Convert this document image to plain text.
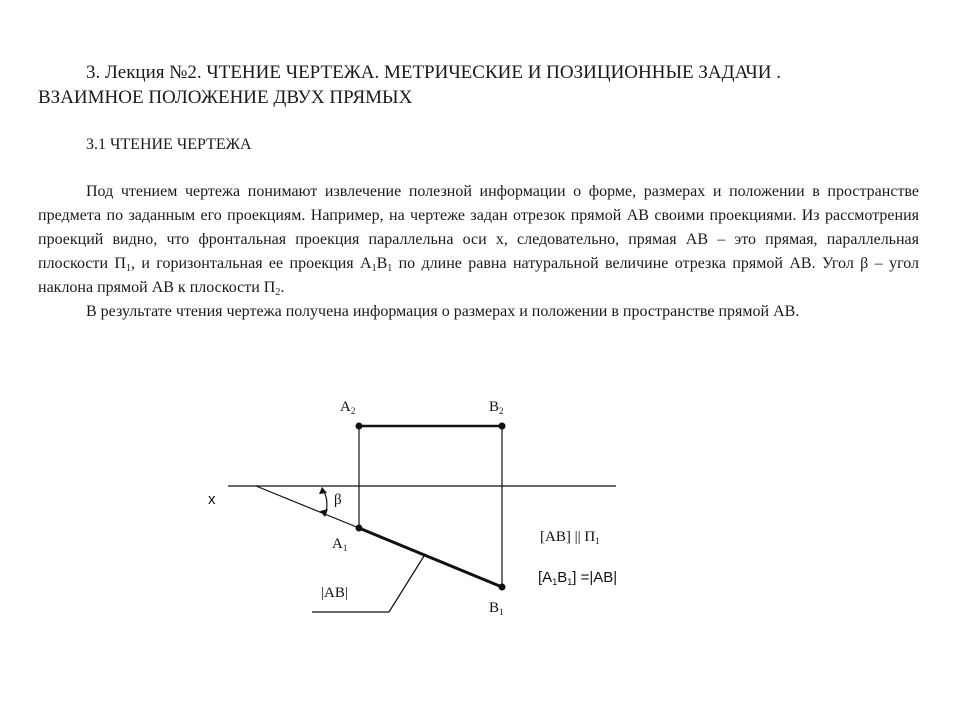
3. Лекция №2. ЧТЕНИЕ ЧЕРТЕЖА. МЕТРИЧЕСКИЕ И ПОЗИЦИОННЫЕ ЗАДАЧИ .
ВЗАИМНОЕ ПОЛОЖЕНИЕ ДВУХ ПРЯМЫХ
3.1 ЧТЕНИЕ ЧЕРТЕЖА
Под чтением чертежа понимают извлечение полезной информации о форме, размерах и положении в пространстве предмета по заданным его проекциям. Например, на чертеже задан отрезок прямой АВ своими проекциями. Из рассмотрения проекций видно, что фронтальная проекция параллельна оси х, следовательно, прямая АВ – это прямая, параллельная плоскости $П_1$, и горизонтальная ее проекция $А_1В_1$ по длине равна натуральной величине отрезка прямой АВ. Угол β – угол наклона прямой АВ к плоскости $П_2$.
В результате чтения чертежа получена информация о размерах и положении в пространстве прямой АВ.
$А_2$	$В_2$
$А_1$
$В_1$
х	β
|АВ|
[АВ] || $П_1$
$[А_1В_1] =|АВ|$
